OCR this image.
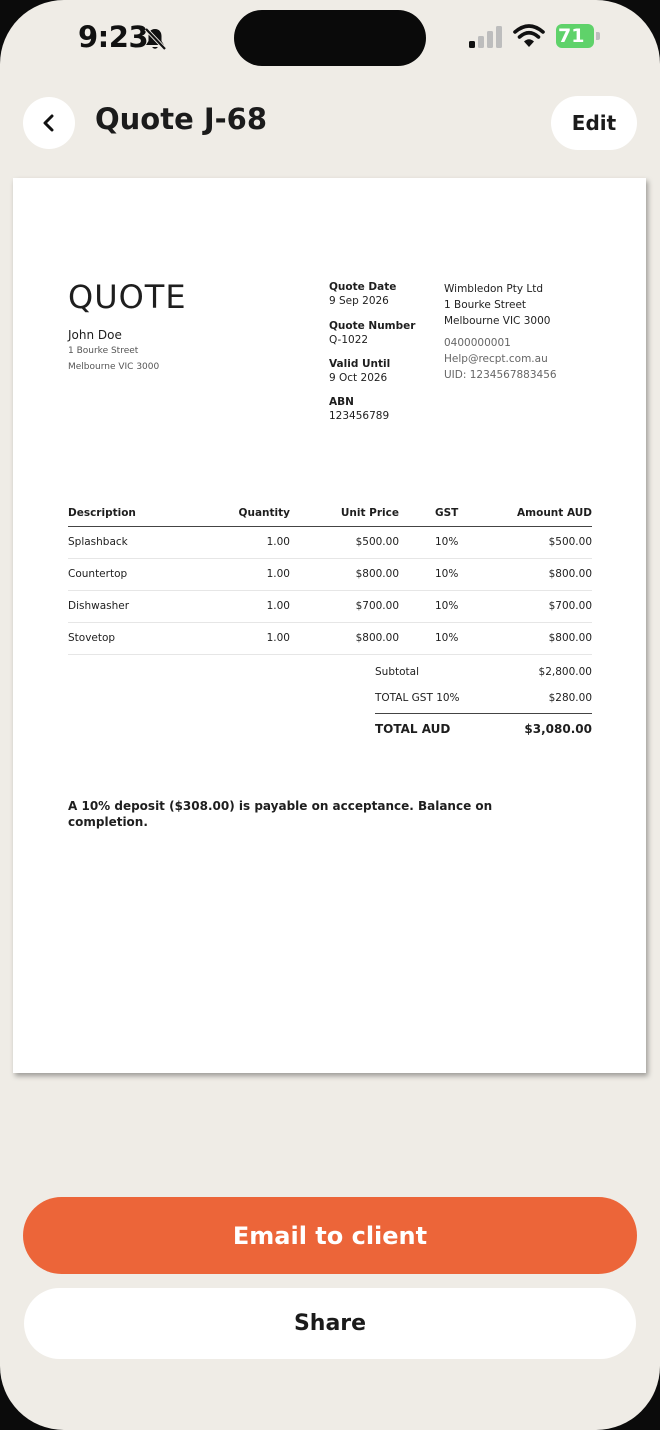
9:23	71
Quote J-68	Edit
QUOTE
John Doe
1 Bourke Street
Melbourne VIC 3000
Quote Date
9 Sep 2026
Quote Number
Q-1022
Valid Until
9 Oct 2026
ABN
123456789
Wimbledon Pty Ltd
1 Bourke Street
Melbourne VIC 3000
0400000001
Help@recpt.com.au
UID: 1234567883456
Description	Quantity	Unit Price	GST	Amount AUD
Splashback	1.00	$500.00	10%	$500.00
Countertop	1.00	$800.00	10%	$800.00
Dishwasher	1.00	$700.00	10%	$700.00
Stovetop	1.00	$800.00	10%	$800.00
Subtotal	$2,800.00
TOTAL GST 10%	$280.00
TOTAL AUD	$3,080.00
A 10% deposit ($308.00) is payable on acceptance. Balance on completion.
Email to client
Share
